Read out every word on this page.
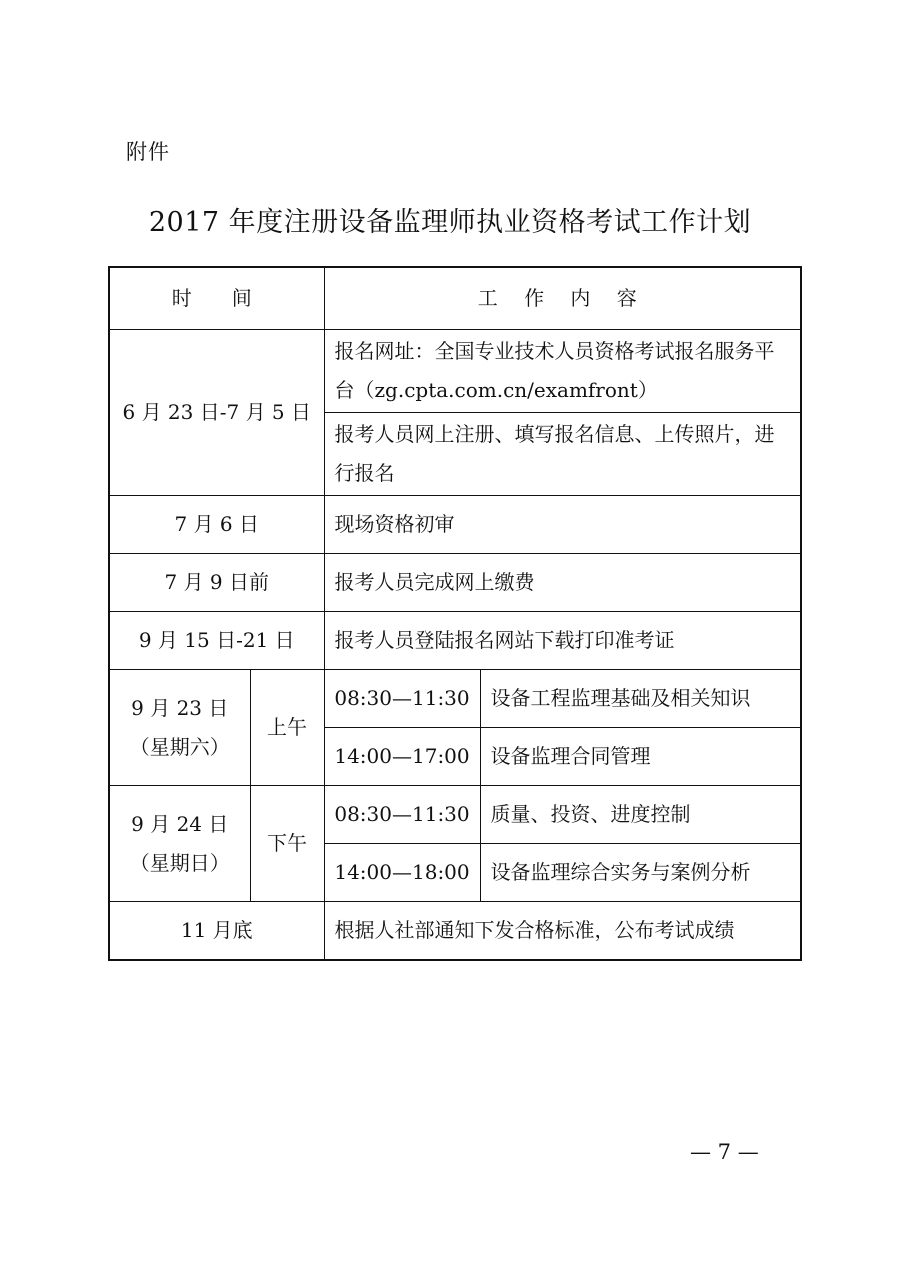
附件
2017 年度注册设备监理师执业资格考试工作计划
时　间		工 作 内 容	
6 月 23 日-7 月 5 日		报名网址：全国专业技术人员资格考试报名服务平台（zg.cpta.com.cn/examfront）	
		报考人员网上注册、填写报名信息、上传照片，进行报名	
7 月 6 日		现场资格初审	
7 月 9 日前		报考人员完成网上缴费	
9 月 15 日-21 日		报考人员登陆报名网站下载打印准考证	

9 月 23 日
（星期六）	上午	08:30—11:30	设备工程监理基础及相关知识
		14:00—17:00	设备监理合同管理

9 月 24 日
（星期日）	下午	08:30—11:30	质量、投资、进度控制
		14:00—18:00	设备监理综合实务与案例分析
11 月底		根据人社部通知下发合格标准，公布考试成绩	
— 7 —
